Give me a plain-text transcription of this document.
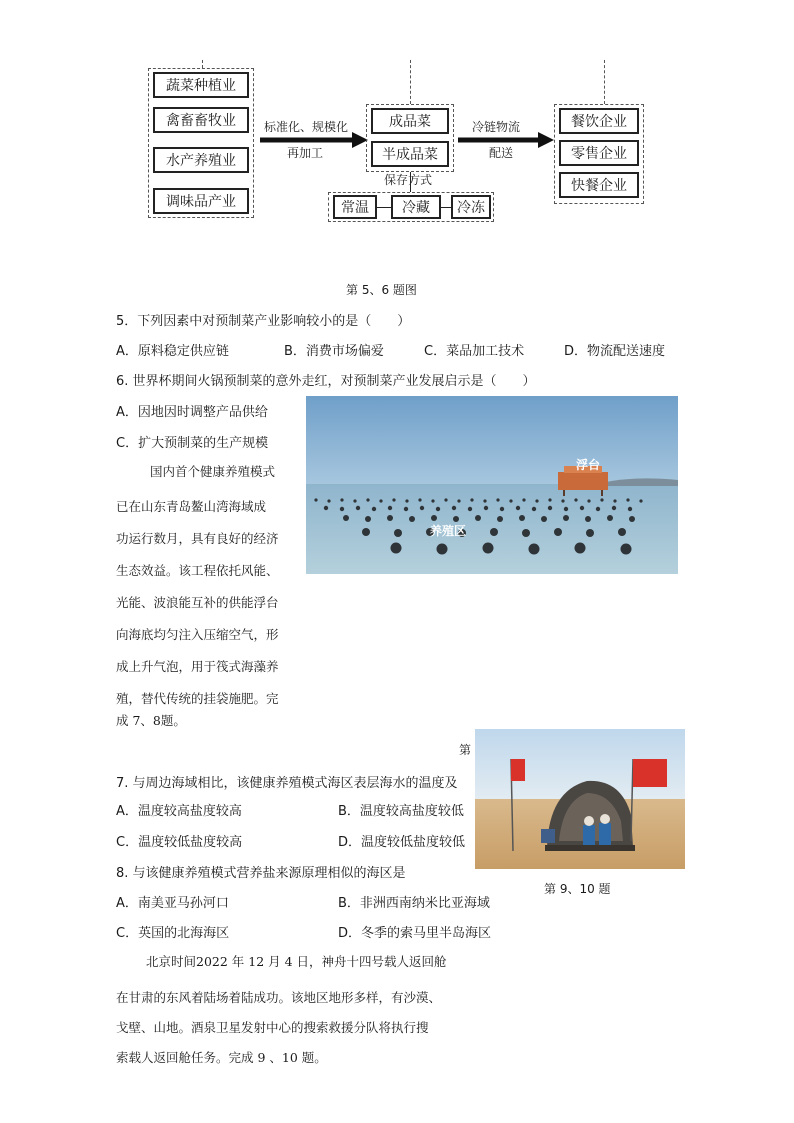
蔬菜种植业
禽畜畜牧业
水产养殖业
调味品产业
标准化、规模化
再加工
成品菜
半成品菜
保存方式
常温	冷藏	冷冻
冷链物流
配送
餐饮企业
零售企业
快餐企业
第 5、6 题图
5．下列因素中对预制菜产业影响较小的是（　　）
A．原料稳定供应链	B．消费市场偏爱	C．菜品加工技术	D．物流配送速度
6. 世界杯期间火锅预制菜的意外走红，对预制菜产业发展启示是（　　）
A．因地因时调整产品供给
C．扩大预制菜的生产规模
浮台
养殖区
国内首个健康养殖模式
已在山东青岛鳌山湾海域成
功运行数月，具有良好的经济
生态效益。该工程依托风能、
光能、波浪能互补的供能浮台
向海底均匀注入压缩空气，形
成上升气泡，用于筏式海藻养
殖，替代传统的挂袋施肥。完
成 7、8题。
第
7. 与周边海域相比，该健康养殖模式海区表层海水的温度及
A．温度较高盐度较高	B．温度较高盐度较低
C．温度较低盐度较高	D．温度较低盐度较低
8. 与该健康养殖模式营养盐来源原理相似的海区是
A．南美亚马孙河口	B．非洲西南纳米比亚海域
C．英国的北海海区	D．冬季的索马里半岛海区
第 9、10 题
北京时间2022 年 12 月 4 日，神舟十四号载人返回舱
在甘肃的东风着陆场着陆成功。该地区地形多样，有沙漠、
戈壁、山地。酒泉卫星发射中心的搜索救援分队将执行搜
索载人返回舱任务。完成 9 、10 题。
